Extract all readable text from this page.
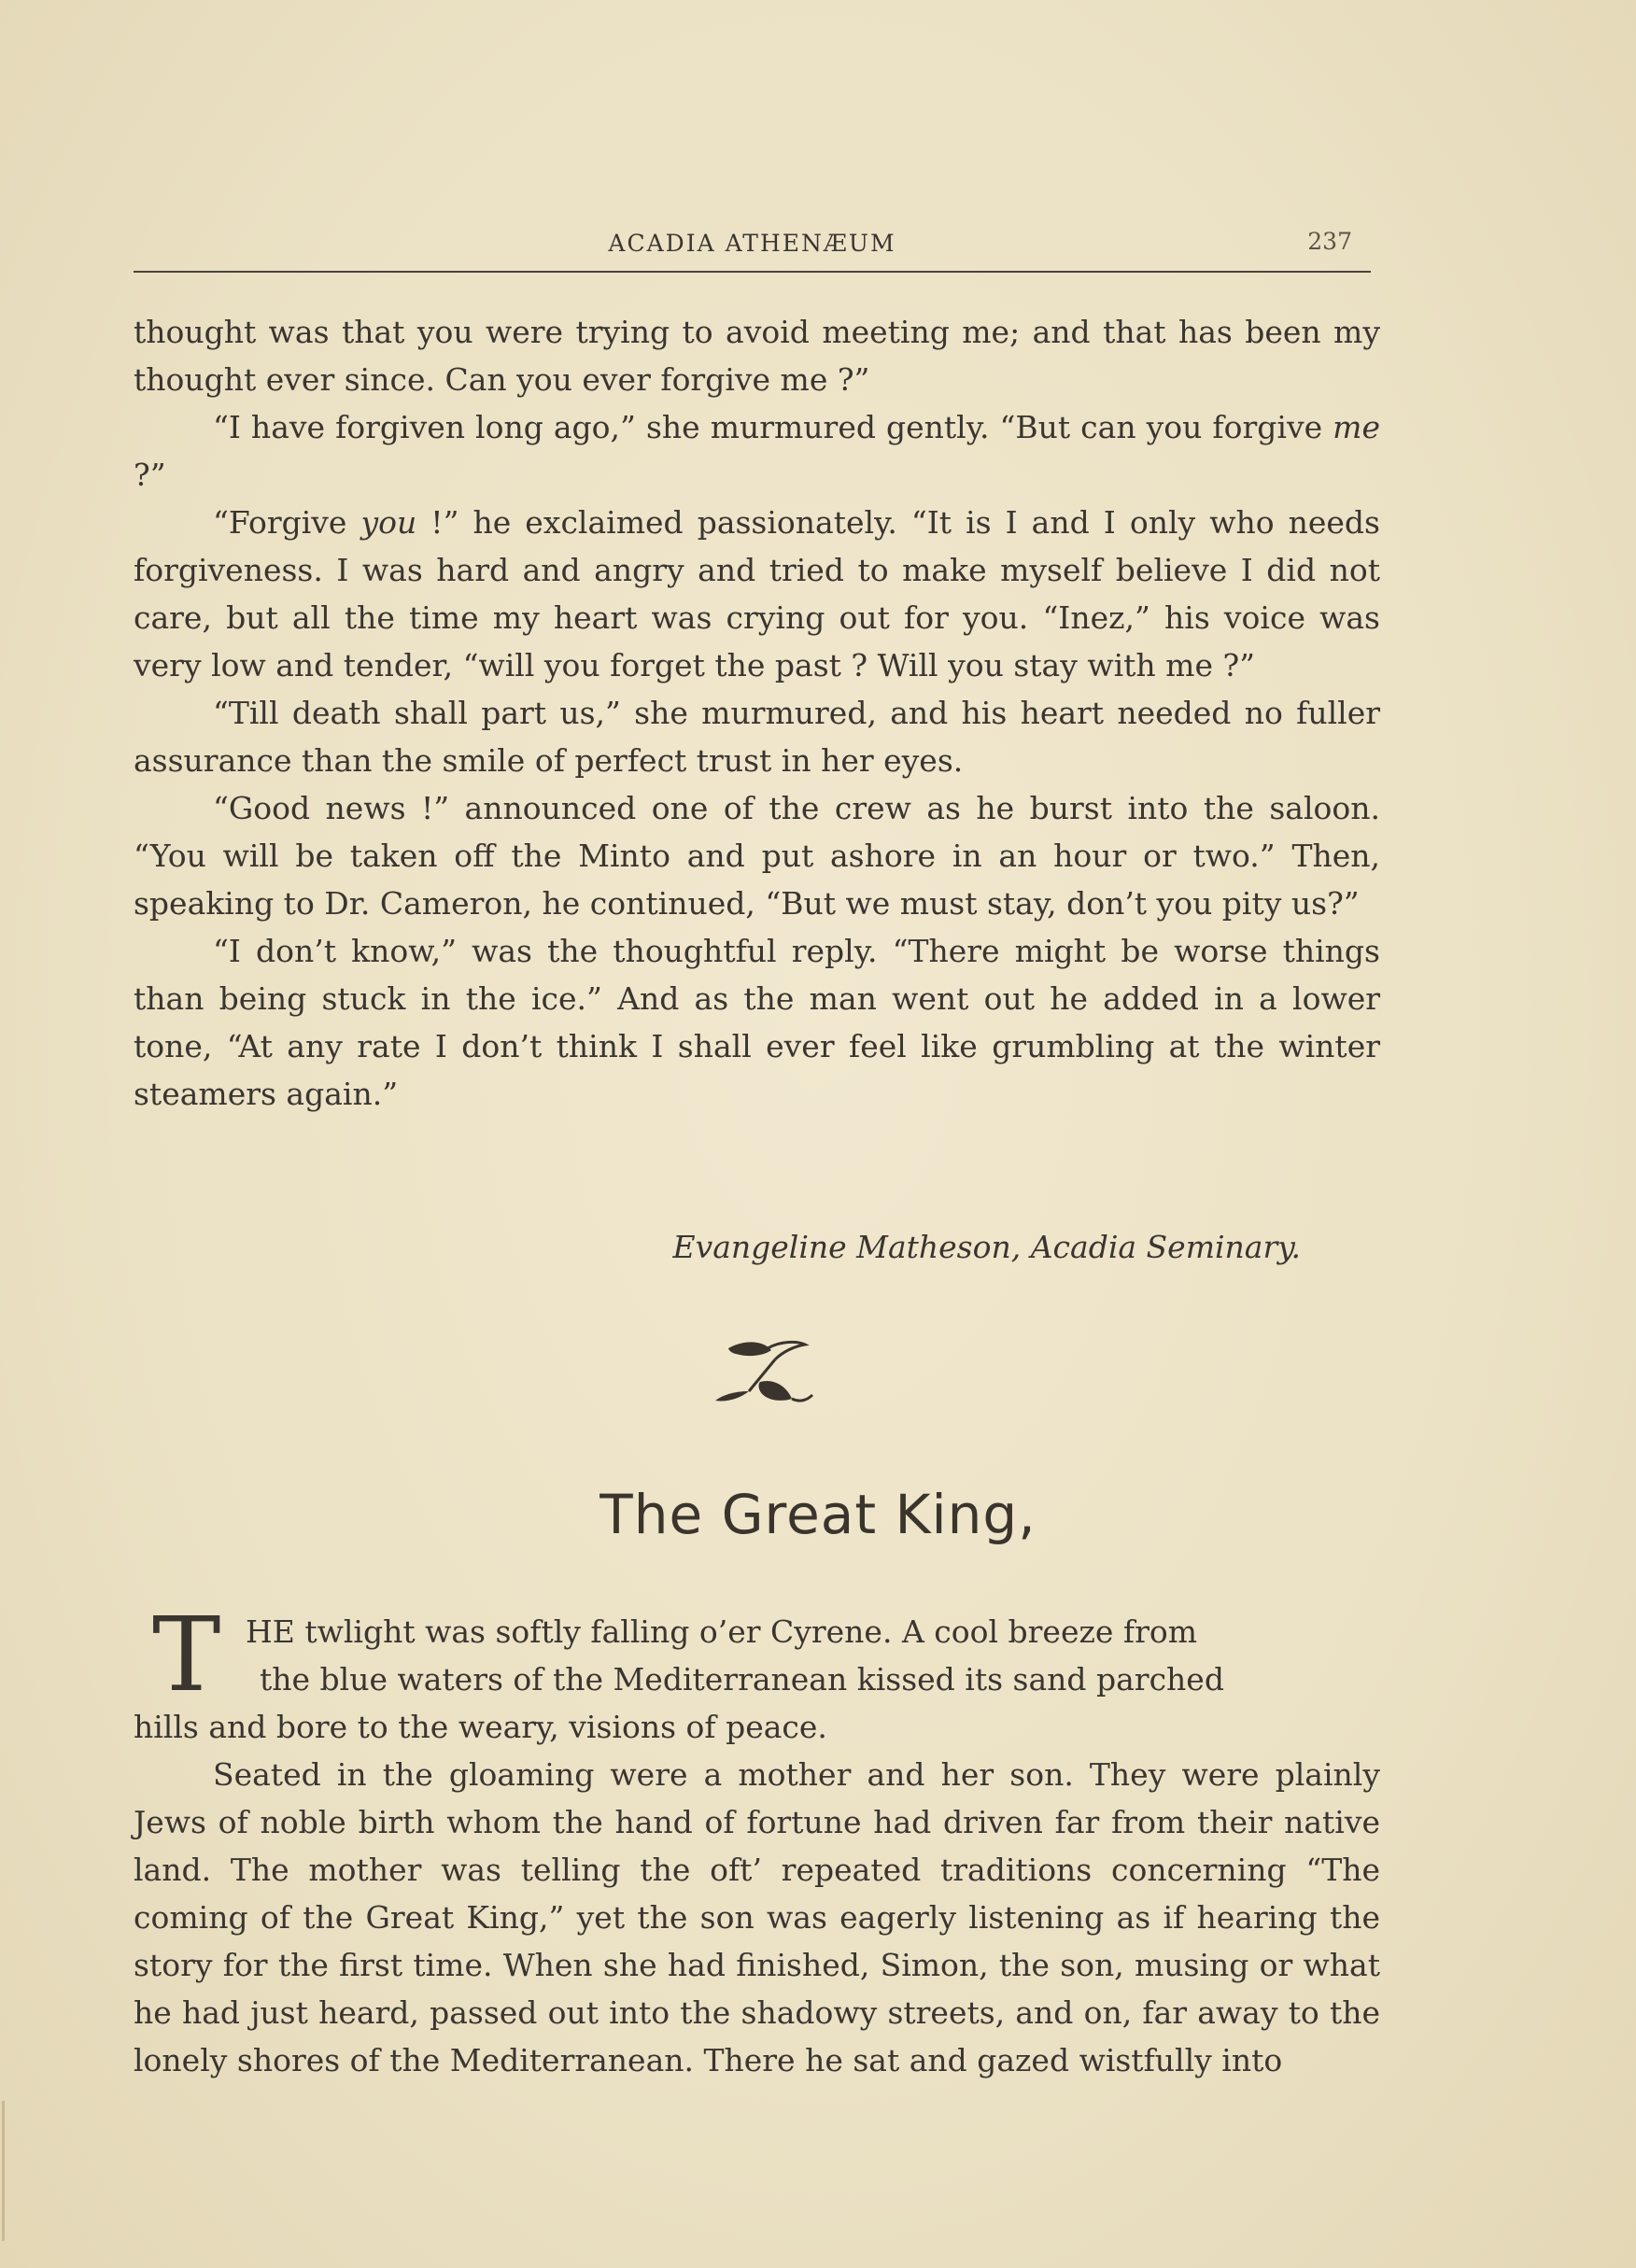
ACADIA ATHENÆUM	237

thought was that you were trying to avoid meeting me; and that has been my thought ever since. Can you ever forgive me ?”

“I have forgiven long ago,” she murmured gently. “But can you forgive me ?”

“Forgive you !” he exclaimed passionately. “It is I and I only who needs forgiveness. I was hard and angry and tried to make myself believe I did not care, but all the time my heart was crying out for you. “Inez,” his voice was very low and tender, “will you forget the past ? Will you stay with me ?”

“Till death shall part us,” she murmured, and his heart needed no fuller assurance than the smile of perfect trust in her eyes.

“Good news !” announced one of the crew as he burst into the saloon. “You will be taken off the Minto and put ashore in an hour or two.” Then, speaking to Dr. Cameron, he continued, “But we must stay, don’t you pity us?”

“I don’t know,” was the thoughtful reply. “There might be worse things than being stuck in the ice.” And as the man went out he added in a lower tone, “At any rate I don’t think I shall ever feel like grumbling at the winter steamers again.”

Evangeline Matheson, Acadia Seminary.
The Great King,
T HE twlight was softly falling o’er Cyrene. A cool breeze from

the blue waters of the Mediterranean kissed its sand parched

hills and bore to the weary, visions of peace.

Seated in the gloaming were a mother and her son. They were plainly Jews of noble birth whom the hand of fortune had driven far from their native land. The mother was telling the oft’ repeated traditions concerning “The coming of the Great King,” yet the son was eagerly listening as if hearing the story for the first time. When she had finished, Simon, the son, musing or what he had just heard, passed out into the shadowy streets, and on, far away to the lonely shores of the Mediterranean. There he sat and gazed wistfully into
